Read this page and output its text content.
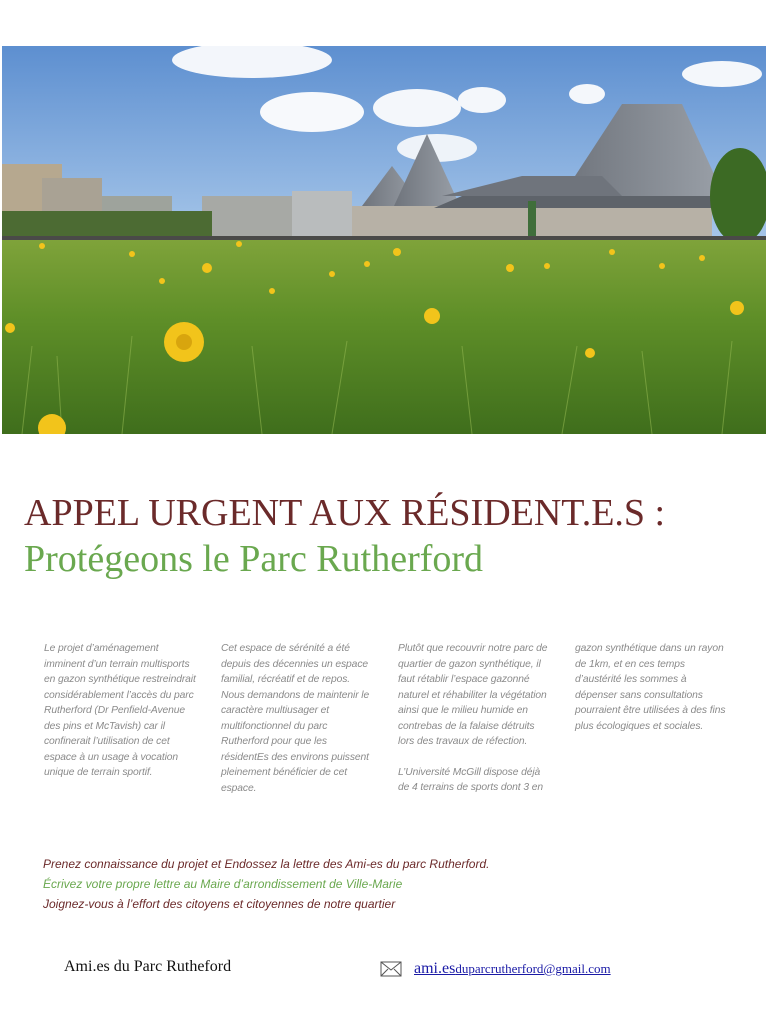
APPEL URGENT AUX RÉSIDENT.E.S :
Protégeons le Parc Rutherford

Le projet d’aménagement imminent d’un terrain multisports en gazon synthétique restreindrait considérablement l’accès du parc Rutherford (Dr Penfield-Avenue des pins et McTavish) car il confinerait l’utilisation de cet espace à un usage à vocation unique de terrain sportif.

Cet espace de sérénité a été depuis des décennies un espace familial, récréatif et de repos. Nous demandons de maintenir le caractère multiusager et multifonctionnel du parc Rutherford pour que les résidentEs des environs puissent pleinement bénéficier de cet espace.

Plutôt que recouvrir notre parc de quartier de gazon synthétique, il faut rétablir l’espace gazonné naturel et réhabiliter la végétation ainsi que le milieu humide en contrebas de la falaise détruits lors des travaux de réfection.

L’Université McGill dispose déjà de 4 terrains de sports dont 3 en

gazon synthétique dans un rayon de 1km, et en ces temps d’austérité les sommes à dépenser sans consultations pourraient être utilisées à des fins plus écologiques et sociales.

Prenez connaissance du projet et Endossez la lettre des Ami-es du parc Rutherford.
Écrivez votre propre lettre au Maire d’arrondissement de Ville-Marie
Joignez-vous à l’effort des citoyens et citoyennes de notre quartier
Ami.es du Parc Rutheford	ami.esduparcrutherford@gmail.com
